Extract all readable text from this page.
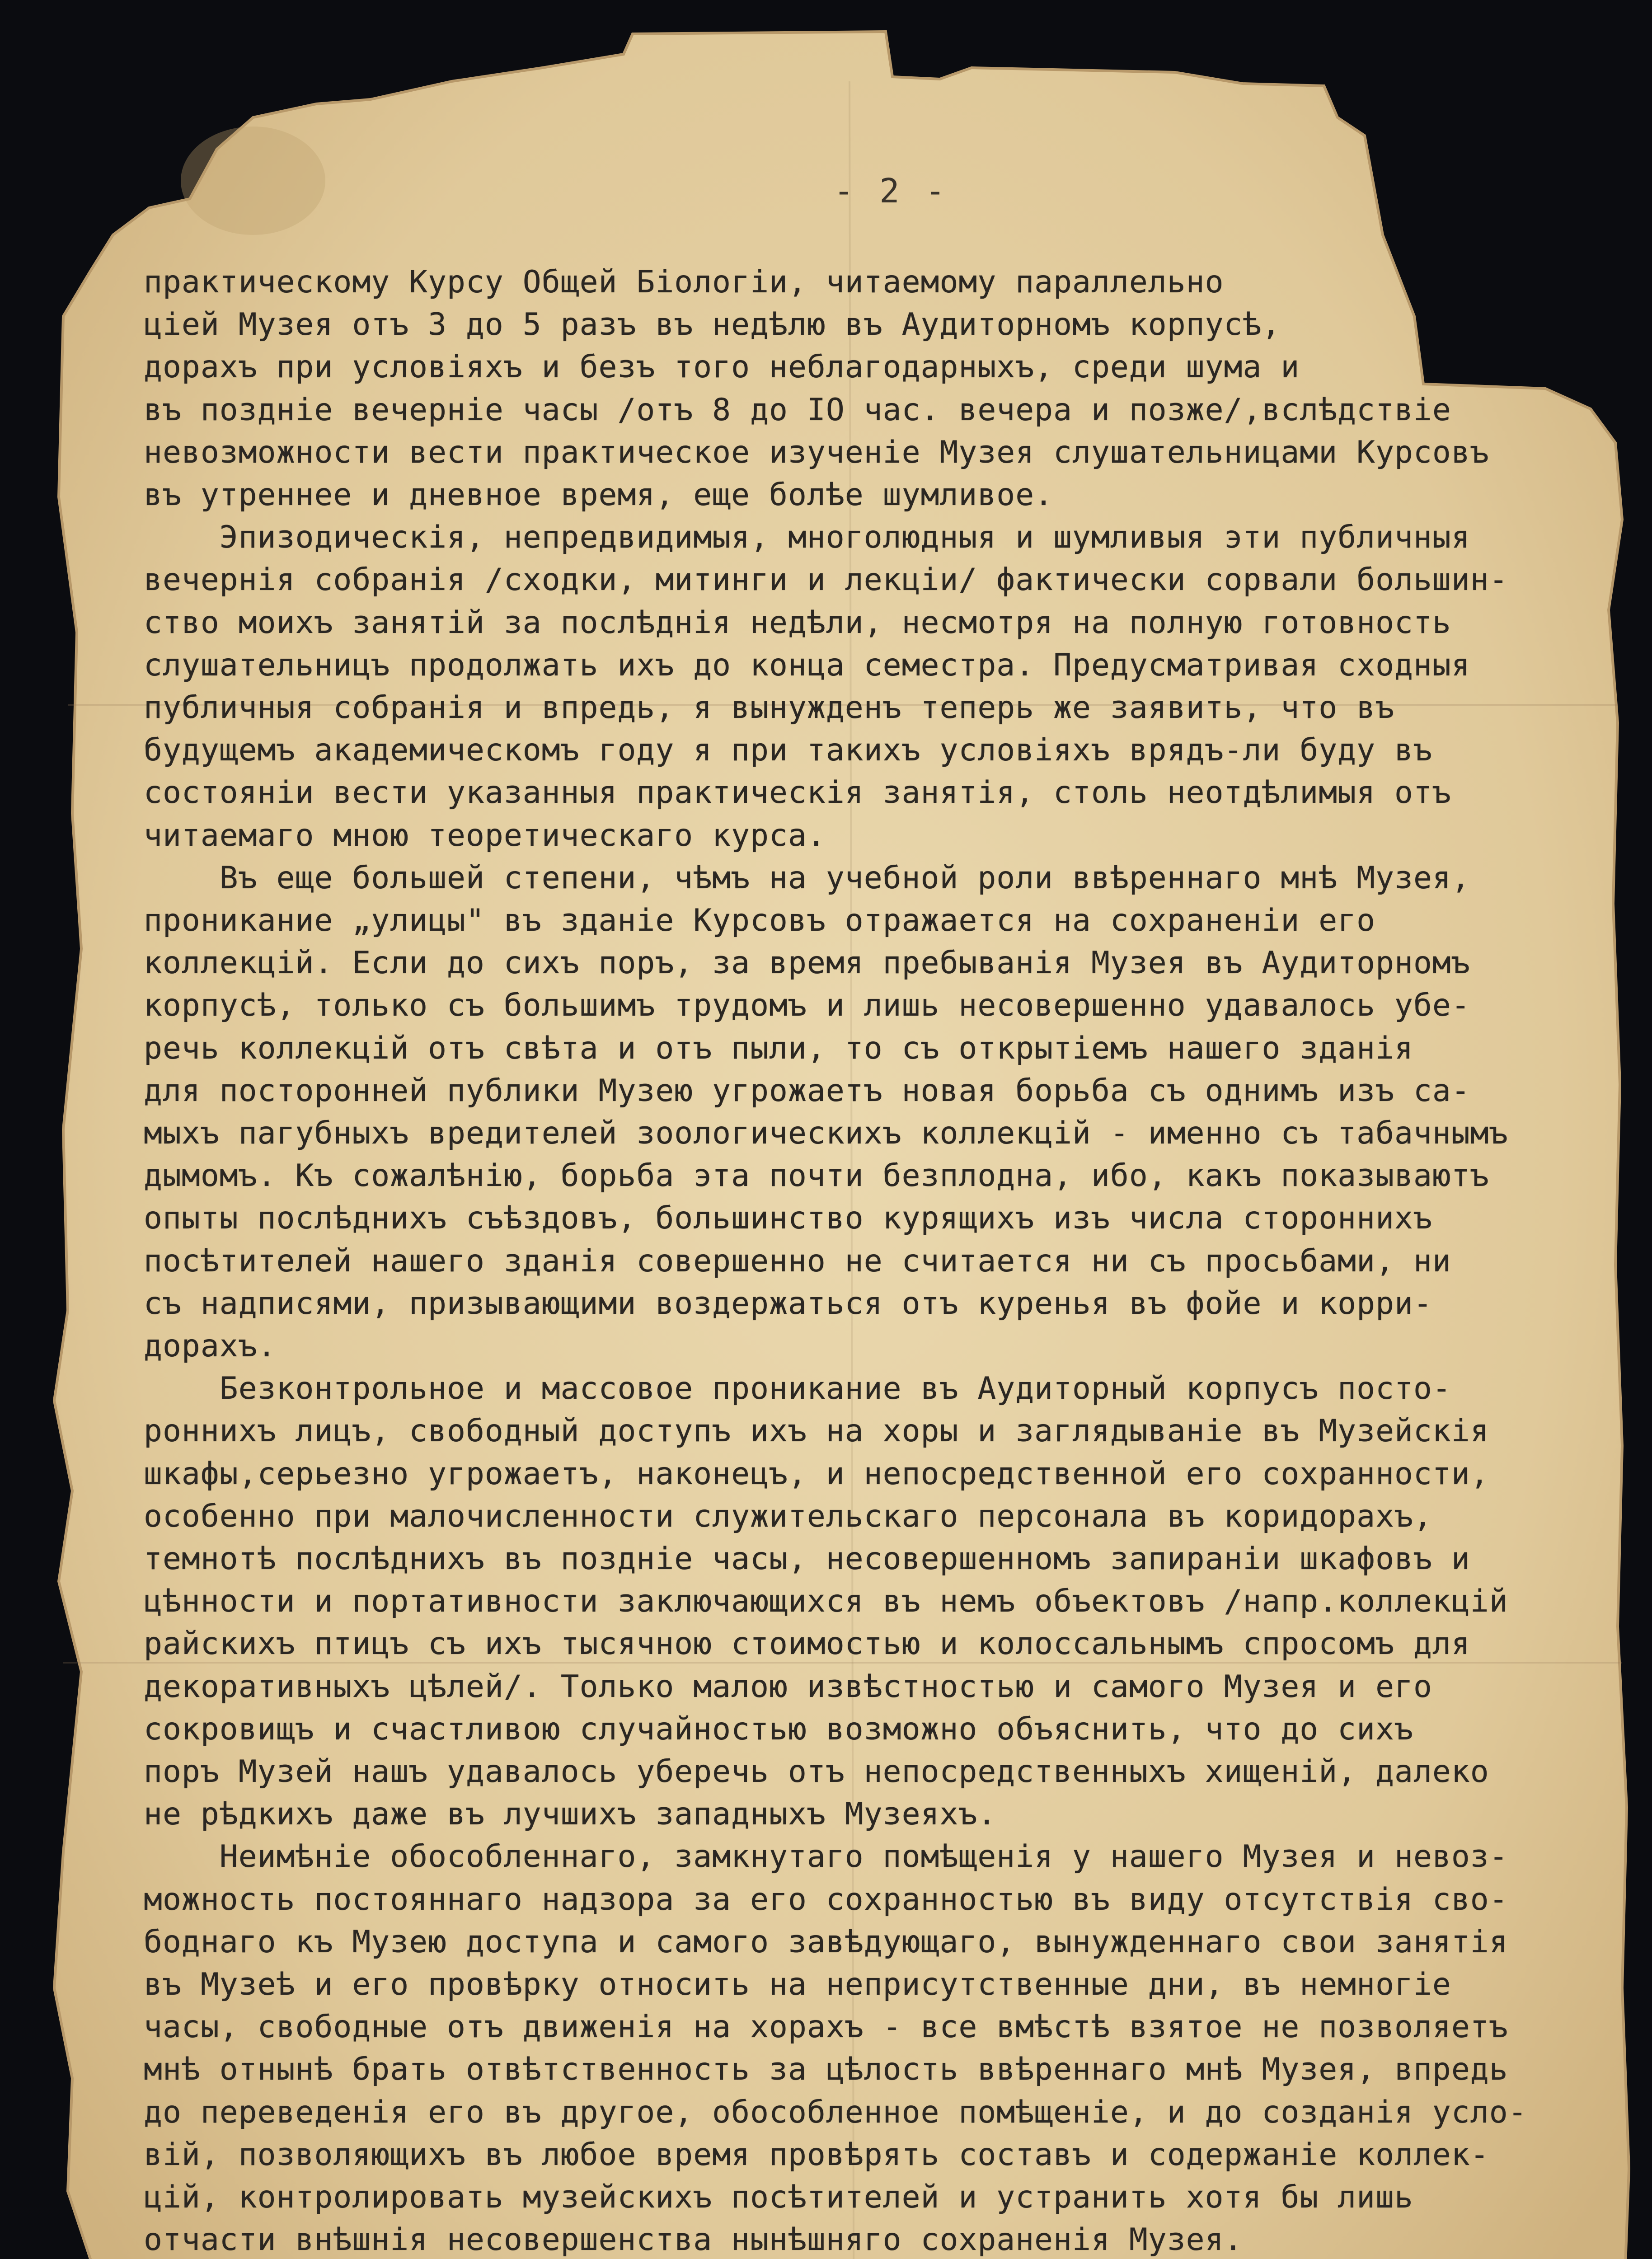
- 2 -
практическому Курсу Общей Біологіи, читаемому параллельно
ціей Музея отъ 3 до 5 разъ въ недѣлю въ Аудиторномъ корпусѣ,
дорахъ при условіяхъ и безъ того неблагодарныхъ, среди шума и
въ поздніе вечерніе часы /отъ 8 до IO час. вечера и позже/,вслѣдствіе
невозможности вести практическое изученіе Музея слушательницами Курсовъ
въ утреннее и дневное время, еще болѣе шумливое.
Эпизодическія, непредвидимыя, многолюдныя и шумливыя эти публичныя
вечернія собранія /сходки, митинги и лекціи/ фактически сорвали большин-
ство моихъ занятій за послѣднія недѣли, несмотря на полную готовность
слушательницъ продолжать ихъ до конца семестра. Предусматривая сходныя
публичныя собранія и впредь, я вынужденъ теперь же заявить, что въ
будущемъ академическомъ году я при такихъ условіяхъ врядъ-ли буду въ
состояніи вести указанныя практическія занятія, столь неотдѣлимыя отъ
читаемаго мною теоретическаго курса.
Въ еще большей степени, чѣмъ на учебной роли ввѣреннаго мнѣ Музея,
проникание „улицы" въ зданіе Курсовъ отражается на сохраненіи его
коллекцій. Если до сихъ поръ, за время пребыванія Музея въ Аудиторномъ
корпусѣ, только съ большимъ трудомъ и лишь несовершенно удавалось убе-
речь коллекцій отъ свѣта и отъ пыли, то съ открытіемъ нашего зданія
для посторонней публики Музею угрожаетъ новая борьба съ однимъ изъ са-
мыхъ пагубныхъ вредителей зоологическихъ коллекцій - именно съ табачнымъ
дымомъ. Къ сожалѣнію, борьба эта почти безплодна, ибо, какъ показываютъ
опыты послѣднихъ съѣздовъ, большинство курящихъ изъ числа стороннихъ
посѣтителей нашего зданія совершенно не считается ни съ просьбами, ни
съ надписями, призывающими воздержаться отъ куренья въ фойе и корри-
дорахъ.
Безконтрольное и массовое проникание въ Аудиторный корпусъ посто-
роннихъ лицъ, свободный доступъ ихъ на хоры и заглядываніе въ Музейскія
шкафы,серьезно угрожаетъ, наконецъ, и непосредственной его сохранности,
особенно при малочисленности служительскаго персонала въ коридорахъ,
темнотѣ послѣднихъ въ поздніе часы, несовершенномъ запираніи шкафовъ и
цѣнности и портативности заключающихся въ немъ объектовъ /напр.коллекцій
райскихъ птицъ съ ихъ тысячною стоимостью и колоссальнымъ спросомъ для
декоративныхъ цѣлей/. Только малою извѣстностью и самого Музея и его
сокровищъ и счастливою случайностью возможно объяснить, что до сихъ
поръ Музей нашъ удавалось уберечь отъ непосредственныхъ хищеній, далеко
не рѣдкихъ даже въ лучшихъ западныхъ Музеяхъ.
Неимѣніе обособленнаго, замкнутаго помѣщенія у нашего Музея и невоз-
можность постояннаго надзора за его сохранностью въ виду отсутствія сво-
боднаго къ Музею доступа и самого завѣдующаго, вынужденнаго свои занятія
въ Музеѣ и его провѣрку относить на неприсутственные дни, въ немногіе
часы, свободные отъ движенія на хорахъ - все вмѣстѣ взятое не позволяетъ
мнѣ отнынѣ брать отвѣтственность за цѣлость ввѣреннаго мнѣ Музея, впредь
до переведенія его въ другое, обособленное помѣщеніе, и до созданія усло-
вій, позволяющихъ въ любое время провѣрять составъ и содержаніе коллек-
цій, контролировать музейскихъ посѣтителей и устранить хотя бы лишь
отчасти внѣшнія несовершенства нынѣшняго сохраненія Музея.
